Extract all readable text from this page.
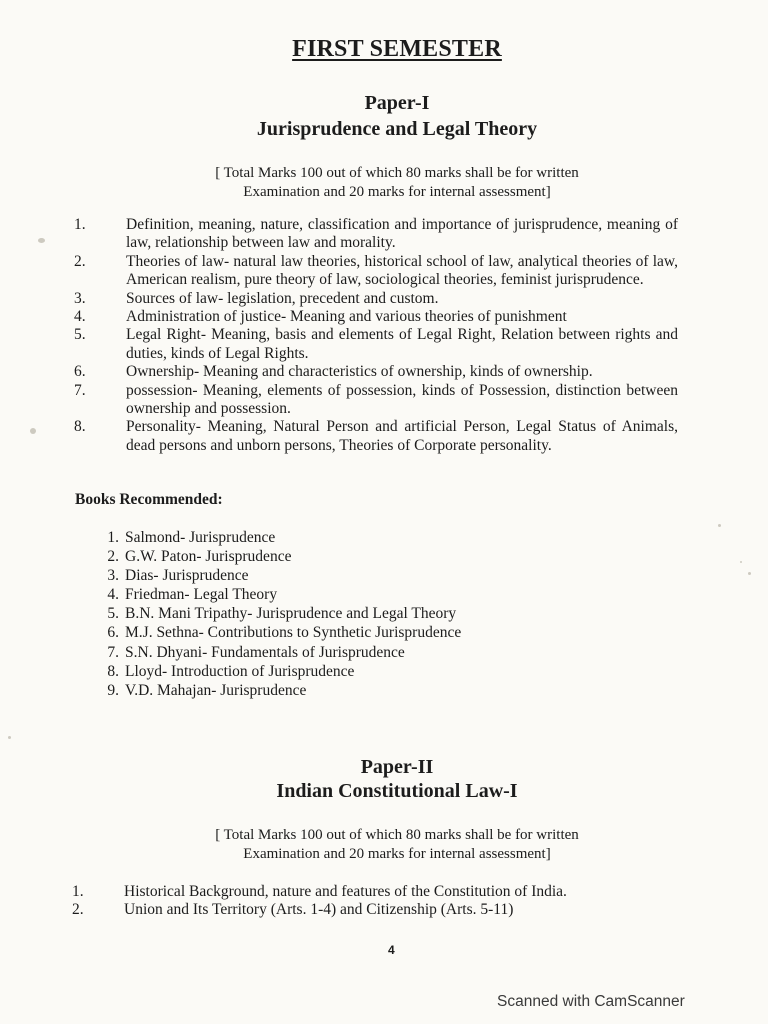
FIRST SEMESTER
Paper-I
Jurisprudence and Legal Theory
[ Total Marks 100 out of which 80 marks shall be for written
Examination and 20 marks for internal assessment]
1.	Definition, meaning, nature, classification and importance of jurisprudence, meaning of law, relationship between law and morality.
2.	Theories of law- natural law theories, historical school of law, analytical theories of law, American realism, pure theory of law, sociological theories, feminist jurisprudence.
3.	Sources of law- legislation, precedent and custom.
4.	Administration of justice- Meaning and various theories of punishment
5.	Legal Right- Meaning, basis and elements of Legal Right, Relation between rights and duties, kinds of Legal Rights.
6.	Ownership- Meaning and characteristics of ownership, kinds of ownership.
7.	possession- Meaning, elements of possession, kinds of Possession, distinction between ownership and possession.
8.	Personality- Meaning, Natural Person and artificial Person, Legal Status of Animals, dead persons and unborn persons, Theories of Corporate personality.
Books Recommended:
1. Salmond- Jurisprudence
2. G.W. Paton- Jurisprudence
3. Dias- Jurisprudence
4. Friedman- Legal Theory
5. B.N. Mani Tripathy- Jurisprudence and Legal Theory
6. M.J. Sethna- Contributions to Synthetic Jurisprudence
7. S.N. Dhyani- Fundamentals of Jurisprudence
8. Lloyd- Introduction of Jurisprudence
9. V.D. Mahajan- Jurisprudence
Paper-II
Indian Constitutional Law-I
[ Total Marks 100 out of which 80 marks shall be for written
Examination and 20 marks for internal assessment]
1.	Historical Background, nature and features of the Constitution of India.
2.	Union and Its Territory (Arts. 1-4) and Citizenship (Arts. 5-11)
4
Scanned with CamScanner
